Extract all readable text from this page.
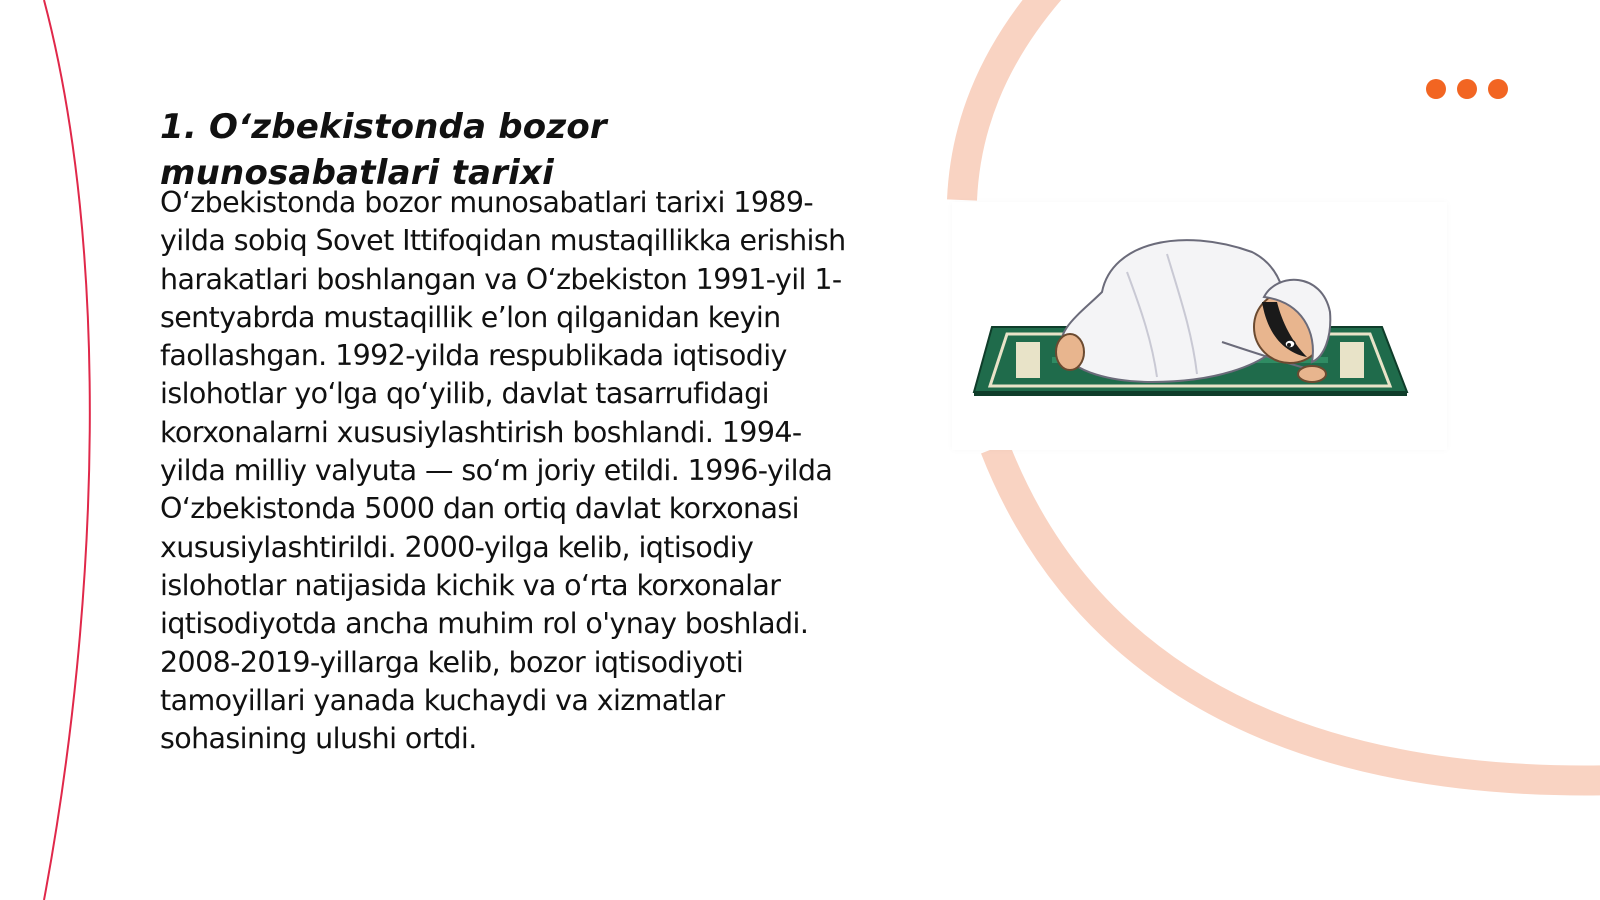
1. O‘zbekistonda bozor munosabatlari tarixi

O‘zbekistonda bozor munosabatlari tarixi 1989-yilda sobiq Sovet Ittifoqidan mustaqillikka erishish harakatlari boshlangan va O‘zbekiston 1991-yil 1-sentyabrda mustaqillik e’lon qilganidan keyin faollashgan. 1992-yilda respublikada iqtisodiy islohotlar yo‘lga qo‘yilib, davlat tasarrufidagi korxonalarni xususiylashtirish boshlandi. 1994-yilda milliy valyuta — so‘m joriy etildi. 1996-yilda O‘zbekistonda 5000 dan ortiq davlat korxonasi xususiylashtirildi. 2000-yilga kelib, iqtisodiy islohotlar natijasida kichik va o‘rta korxonalar iqtisodiyotda ancha muhim rol o'ynay boshladi. 2008-2019-yillarga kelib, bozor iqtisodiyoti tamoyillari yanada kuchaydi va xizmatlar sohasining ulushi ortdi.
